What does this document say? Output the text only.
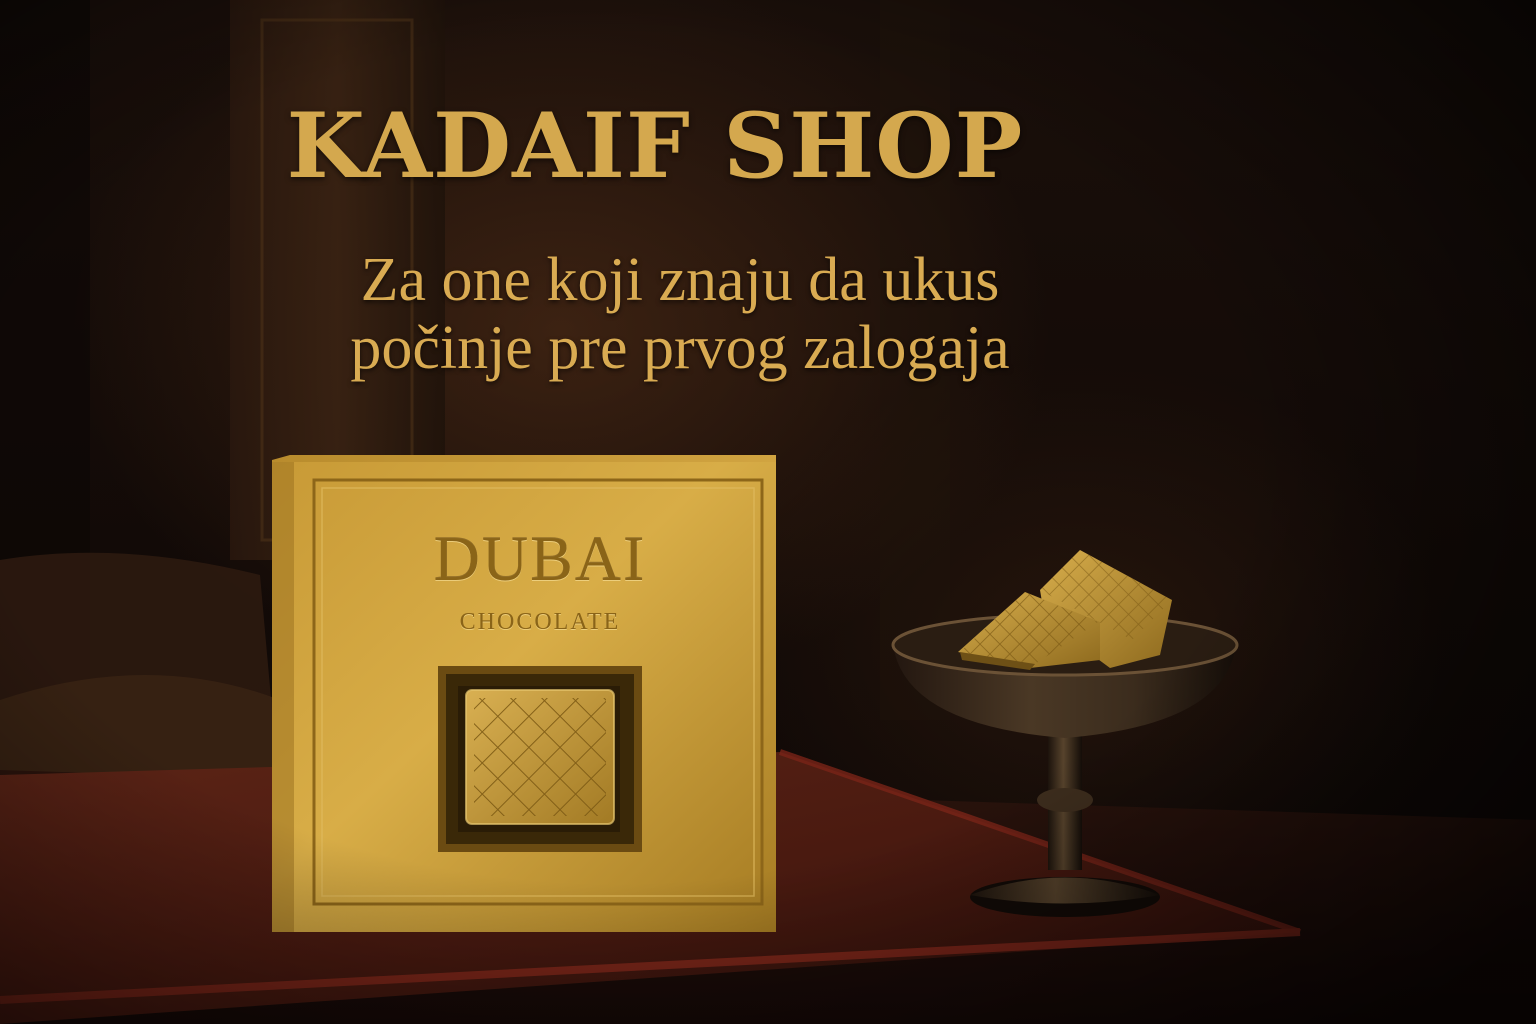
KADAIF SHOP
Za one koji znaju da ukus
počinje pre prvog zalogaja
DUBAI
CHOCOLATE
